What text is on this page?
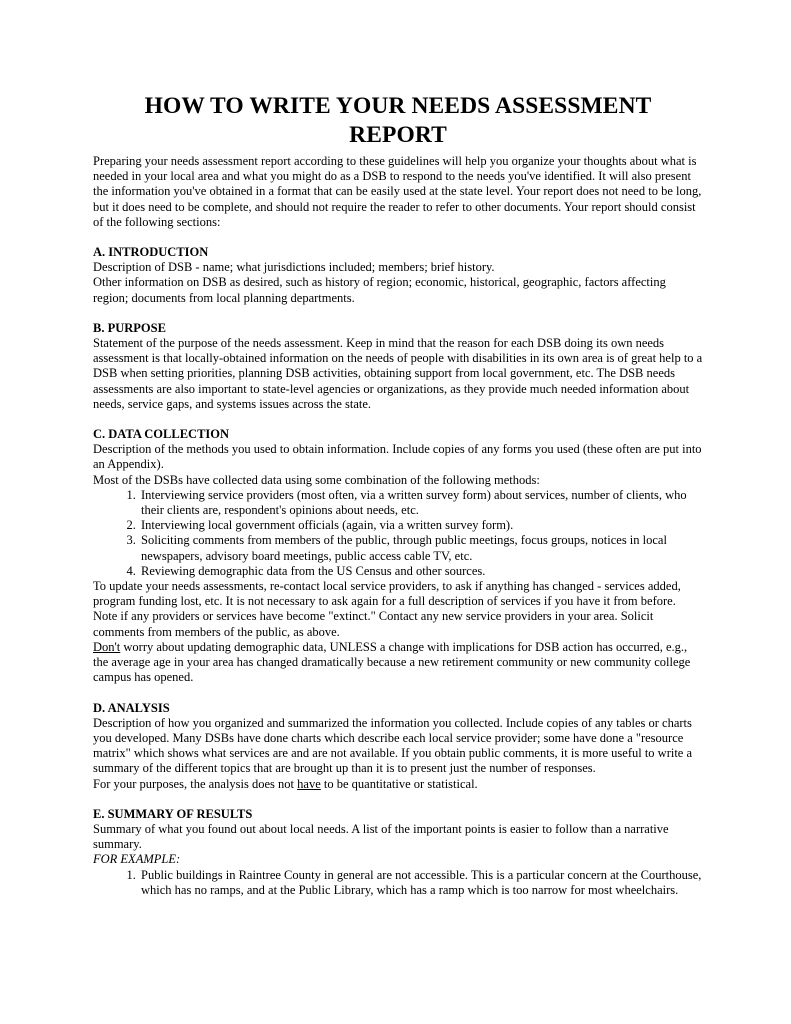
HOW TO WRITE YOUR NEEDS ASSESSMENT
REPORT

Preparing your needs assessment report according to these guidelines will help you organize your thoughts about what is needed in your local area and what you might do as a DSB to respond to the needs you've identified. It will also present the information you've obtained in a format that can be easily used at the state level. Your report does not need to be long, but it does need to be complete, and should not require the reader to refer to other documents. Your report should consist of the following sections:

A. INTRODUCTION

Description of DSB - name; what jurisdictions included; members; brief history.

Other information on DSB as desired, such as history of region; economic, historical, geographic, factors affecting region; documents from local planning departments.

B. PURPOSE

Statement of the purpose of the needs assessment. Keep in mind that the reason for each DSB doing its own needs assessment is that locally-obtained information on the needs of people with disabilities in its own area is of great help to a DSB when setting priorities, planning DSB activities, obtaining support from local government, etc. The DSB needs assessments are also important to state-level agencies or organizations, as they provide much needed information about needs, service gaps, and systems issues across the state.

C. DATA COLLECTION

Description of the methods you used to obtain information. Include copies of any forms you used (these often are put into an Appendix).

Most of the DSBs have collected data using some combination of the following methods:

1. Interviewing service providers (most often, via a written survey form) about services, number of clients, who their clients are, respondent's opinions about needs, etc.
2. Interviewing local government officials (again, via a written survey form).
3. Soliciting comments from members of the public, through public meetings, focus groups, notices in local newspapers, advisory board meetings, public access cable TV, etc.
4. Reviewing demographic data from the US Census and other sources.

To update your needs assessments, re-contact local service providers, to ask if anything has changed - services added, program funding lost, etc. It is not necessary to ask again for a full description of services if you have it from before. Note if any providers or services have become "extinct." Contact any new service providers in your area. Solicit comments from members of the public, as above.

Don't worry about updating demographic data, UNLESS a change with implications for DSB action has occurred, e.g., the average age in your area has changed dramatically because a new retirement community or new community college campus has opened.

D. ANALYSIS

Description of how you organized and summarized the information you collected. Include copies of any tables or charts you developed. Many DSBs have done charts which describe each local service provider; some have done a "resource matrix" which shows what services are and are not available. If you obtain public comments, it is more useful to write a summary of the different topics that are brought up than it is to present just the number of responses.

For your purposes, the analysis does not have to be quantitative or statistical.

E. SUMMARY OF RESULTS

Summary of what you found out about local needs. A list of the important points is easier to follow than a narrative summary.

FOR EXAMPLE:

1. Public buildings in Raintree County in general are not accessible. This is a particular concern at the Courthouse, which has no ramps, and at the Public Library, which has a ramp which is too narrow for most wheelchairs.
